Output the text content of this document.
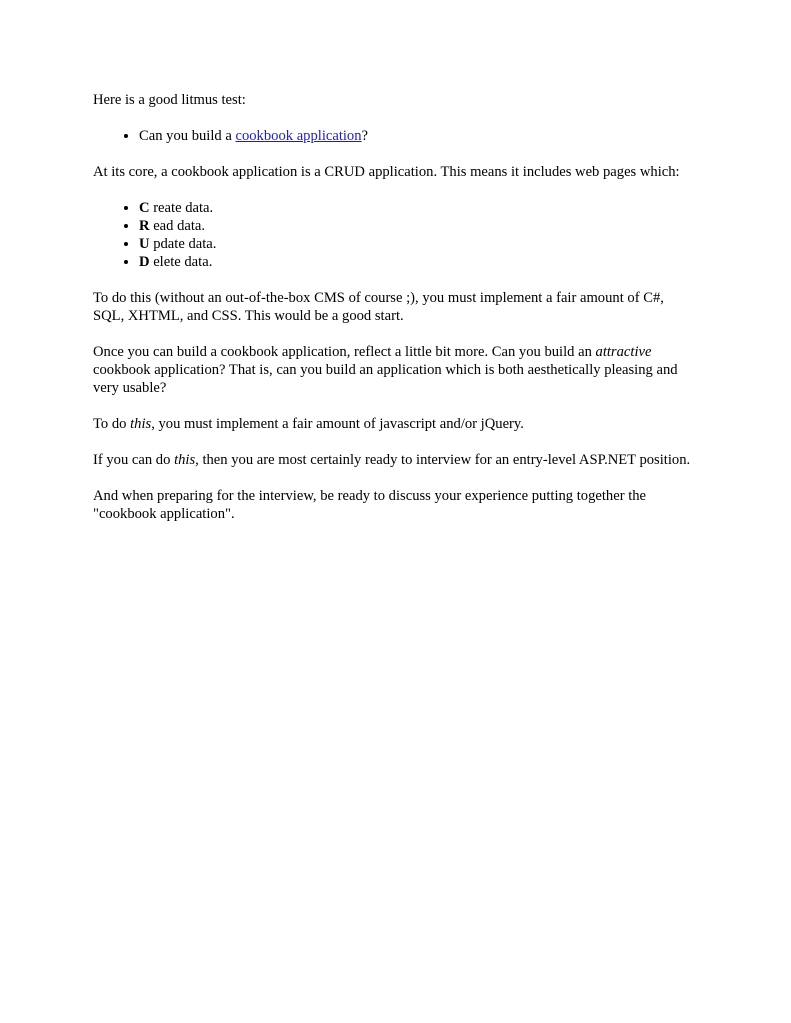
Here is a good litmus test:

• Can you build a cookbook application?

At its core, a cookbook application is a CRUD application. This means it includes web pages which:

• C reate data.
• R ead data.
• U pdate data.
• D elete data.

To do this (without an out-of-the-box CMS of course ;), you must implement a fair amount of C#, SQL, XHTML, and CSS. This would be a good start.

Once you can build a cookbook application, reflect a little bit more. Can you build an attractive cookbook application? That is, can you build an application which is both aesthetically pleasing and very usable?

To do this, you must implement a fair amount of javascript and/or jQuery.

If you can do this, then you are most certainly ready to interview for an entry-level ASP.NET position.

And when preparing for the interview, be ready to discuss your experience putting together the "cookbook application".
